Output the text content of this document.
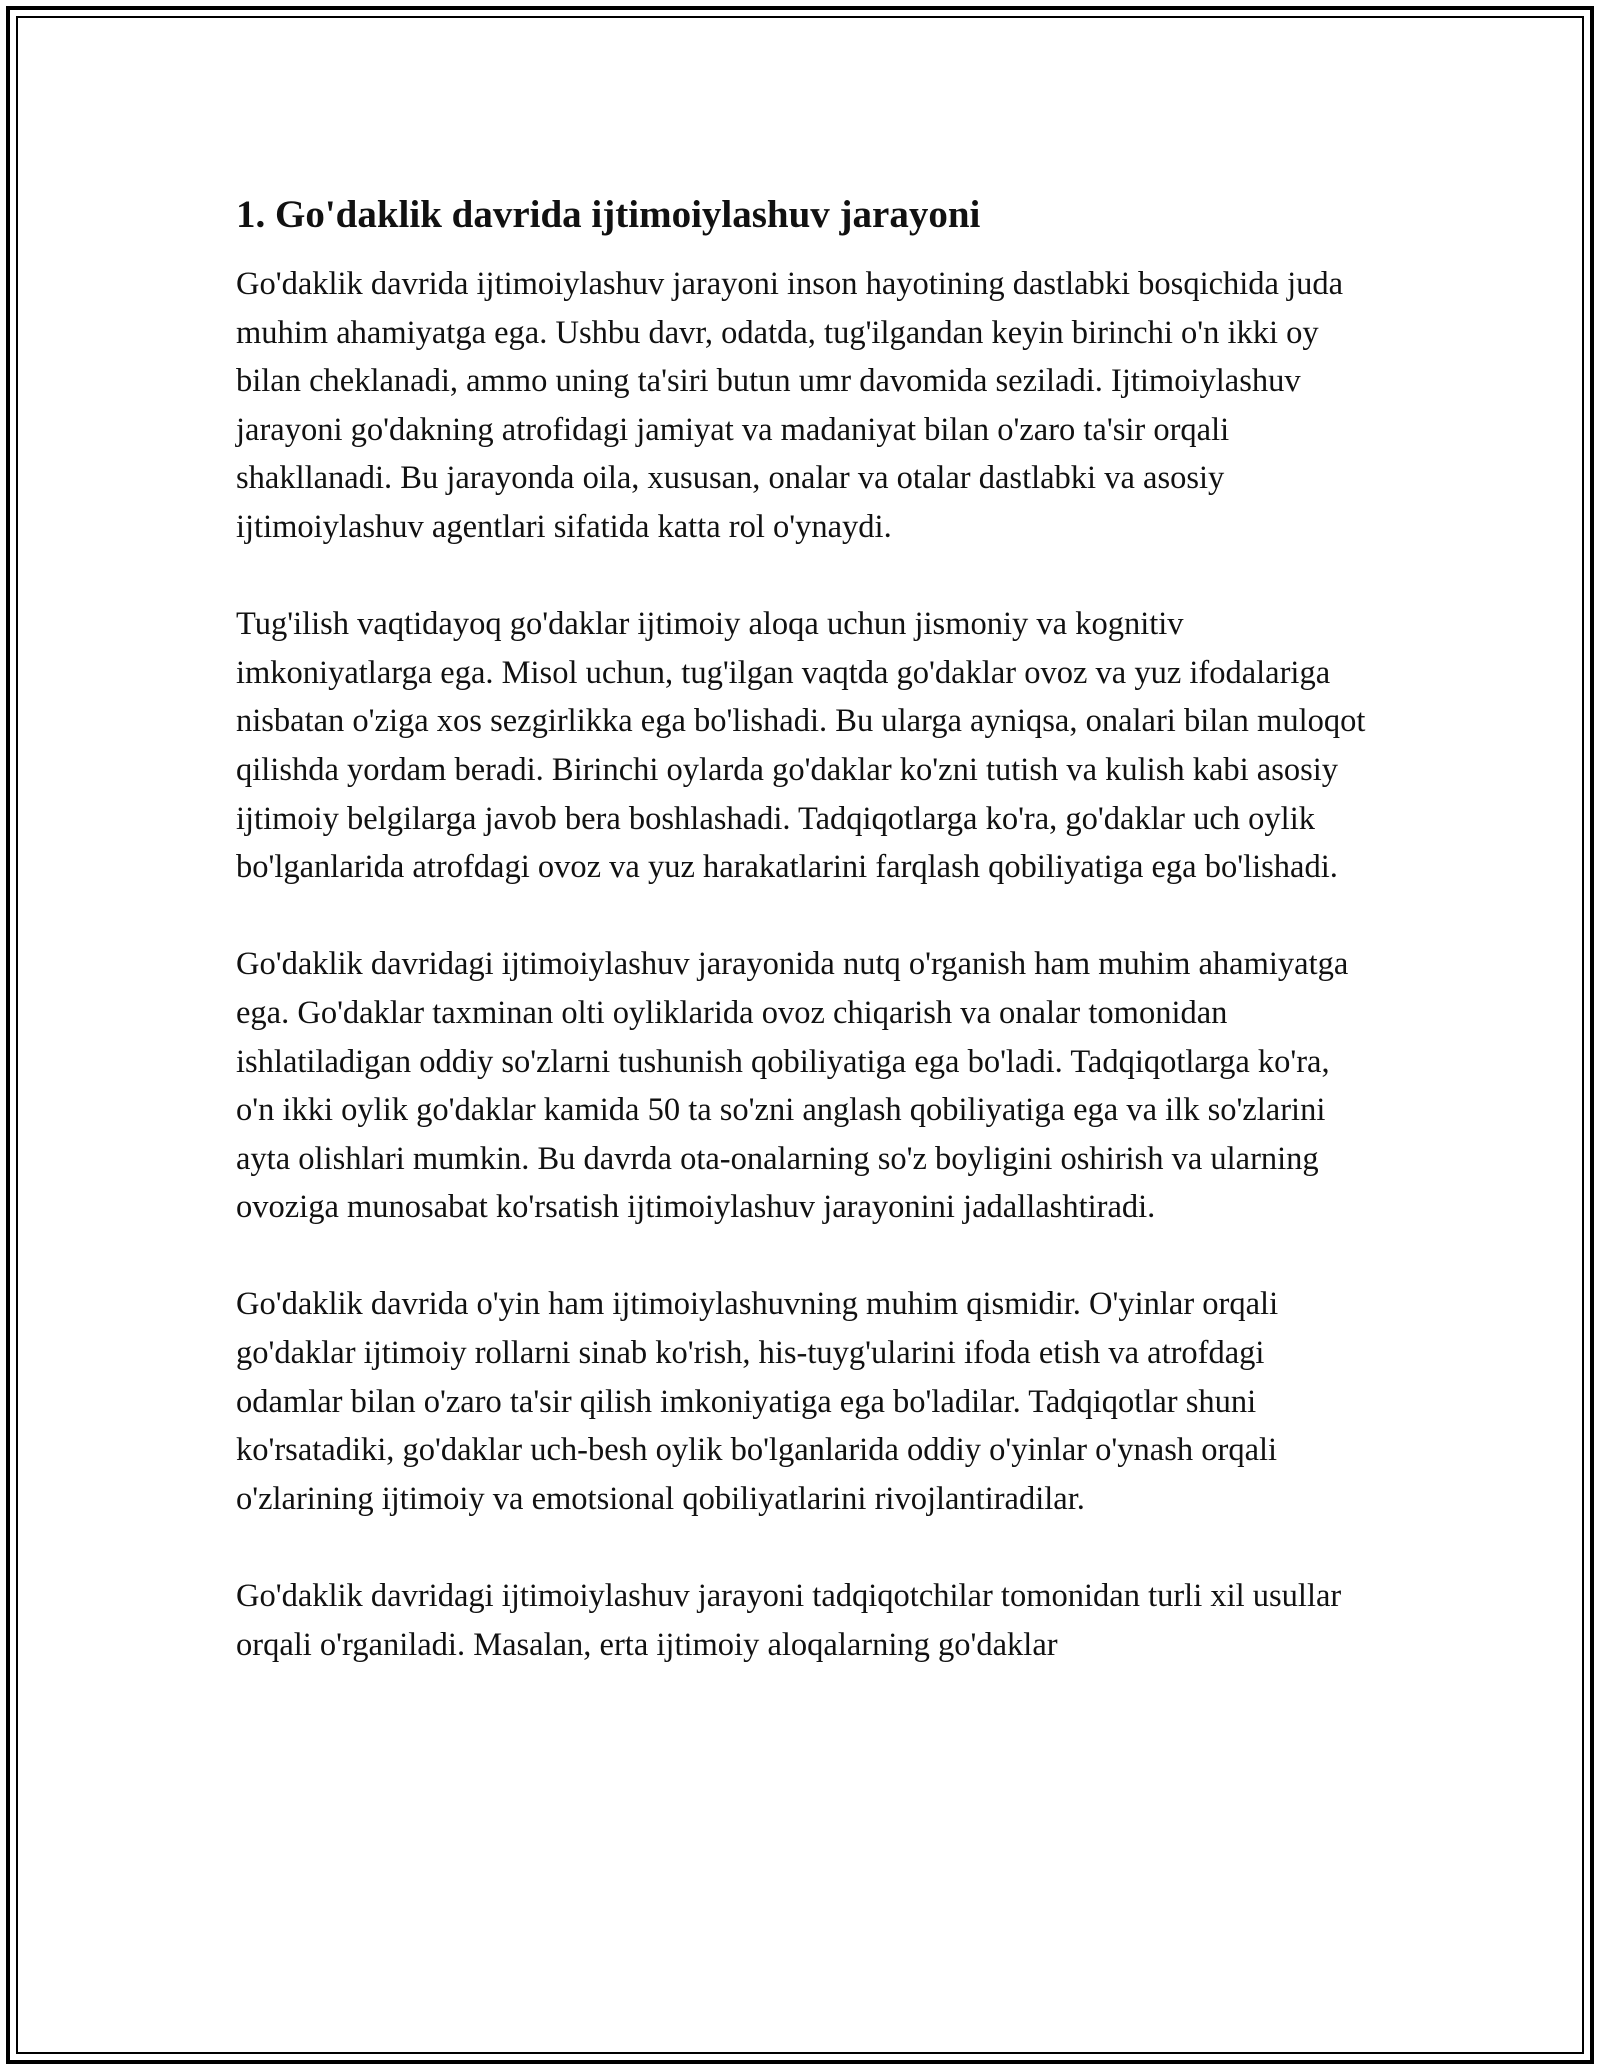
1. Go'daklik davrida ijtimoiylashuv jarayoni

Go'daklik davrida ijtimoiylashuv jarayoni inson hayotining dastlabki bosqichida juda muhim ahamiyatga ega. Ushbu davr, odatda, tug'ilgandan keyin birinchi o'n ikki oy bilan cheklanadi, ammo uning ta'siri butun umr davomida seziladi. Ijtimoiylashuv jarayoni go'dakning atrofidagi jamiyat va madaniyat bilan o'zaro ta'sir orqali shakllanadi. Bu jarayonda oila, xususan, onalar va otalar dastlabki va asosiy ijtimoiylashuv agentlari sifatida katta rol o'ynaydi.

Tug'ilish vaqtidayoq go'daklar ijtimoiy aloqa uchun jismoniy va kognitiv imkoniyatlarga ega. Misol uchun, tug'ilgan vaqtda go'daklar ovoz va yuz ifodalariga nisbatan o'ziga xos sezgirlikka ega bo'lishadi. Bu ularga ayniqsa, onalari bilan muloqot qilishda yordam beradi. Birinchi oylarda go'daklar ko'zni tutish va kulish kabi asosiy ijtimoiy belgilarga javob bera boshlashadi. Tadqiqotlarga ko'ra, go'daklar uch oylik bo'lganlarida atrofdagi ovoz va yuz harakatlarini farqlash qobiliyatiga ega bo'lishadi.

Go'daklik davridagi ijtimoiylashuv jarayonida nutq o'rganish ham muhim ahamiyatga ega. Go'daklar taxminan olti oyliklarida ovoz chiqarish va onalar tomonidan ishlatiladigan oddiy so'zlarni tushunish qobiliyatiga ega bo'ladi. Tadqiqotlarga ko'ra, o'n ikki oylik go'daklar kamida 50 ta so'zni anglash qobiliyatiga ega va ilk so'zlarini ayta olishlari mumkin. Bu davrda ota-onalarning so'z boyligini oshirish va ularning ovoziga munosabat ko'rsatish ijtimoiylashuv jarayonini jadallashtiradi.

Go'daklik davrida o'yin ham ijtimoiylashuvning muhim qismidir. O'yinlar orqali go'daklar ijtimoiy rollarni sinab ko'rish, his-tuyg'ularini ifoda etish va atrofdagi odamlar bilan o'zaro ta'sir qilish imkoniyatiga ega bo'ladilar. Tadqiqotlar shuni ko'rsatadiki, go'daklar uch-besh oylik bo'lganlarida oddiy o'yinlar o'ynash orqali o'zlarining ijtimoiy va emotsional qobiliyatlarini rivojlantiradilar.

Go'daklik davridagi ijtimoiylashuv jarayoni tadqiqotchilar tomonidan turli xil usullar orqali o'rganiladi. Masalan, erta ijtimoiy aloqalarning go'daklar
